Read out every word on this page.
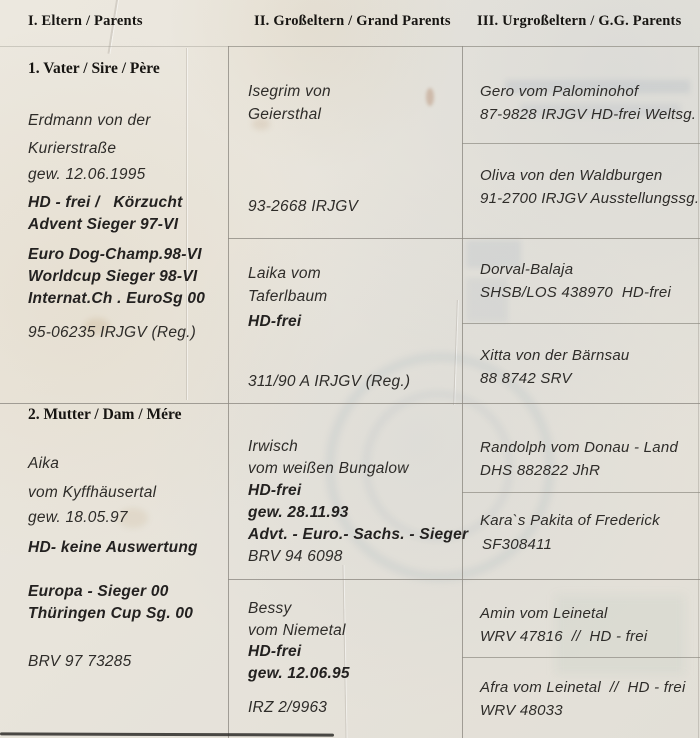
I. Eltern / Parents	II. Großeltern / Grand Parents III. Urgroßeltern / G.G. Parents
1. Vater / Sire / Père
Erdmann von der
Kurierstraße
gew. 12.06.1995
HD - frei /   Körzucht
Advent Sieger 97-VI
Euro Dog-Champ.98-VI
Worldcup Sieger 98-VI
Internat.Ch . EuroSg 00
95-06235 IRJGV (Reg.)
2. Mutter / Dam / Mére
Aika
vom Kyffhäusertal
gew. 18.05.97
HD- keine Auswertung
Europa - Sieger 00
Thüringen Cup Sg. 00
BRV 97 73285
Isegrim von
Geiersthal
93-2668 IRJGV
Laika vom
Taferlbaum
HD-frei
311/90 A IRJGV (Reg.)
Irwisch
vom weißen Bungalow
HD-frei
gew. 28.11.93
Advt. - Euro.- Sachs. - Sieger
BRV 94 6098
Bessy
vom Niemetal
HD-frei
gew. 12.06.95
IRZ 2/9963
Gero vom Palominohof
87-9828 IRJGV HD-frei Weltsg.
Oliva von den Waldburgen
91-2700 IRJGV Ausstellungssg.
Dorval-Balaja
SHSB/LOS 438970  HD-frei
Xitta von der Bärnsau
88 8742 SRV
Randolph vom Donau - Land
DHS 882822 JhR
Kara`s Pakita of Frederick
SF308411
Amin vom Leinetal
WRV 47816  //  HD - frei
Afra vom Leinetal  //  HD - frei
WRV 48033
